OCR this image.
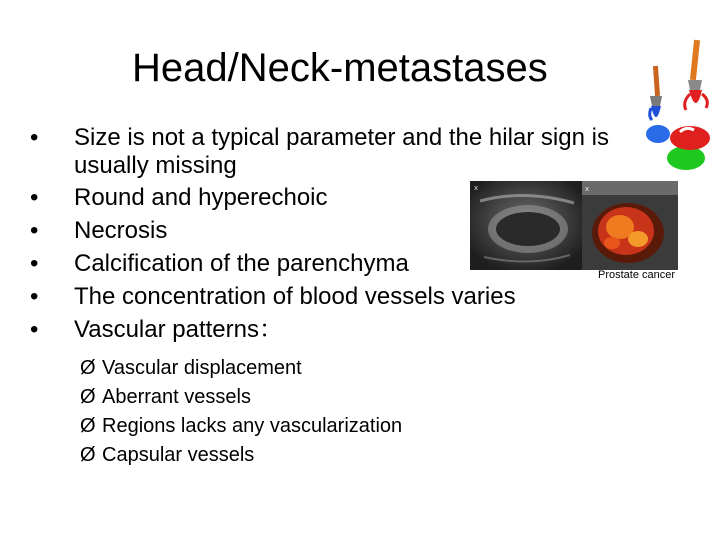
Head/Neck-metastases
x	x
•	Size is not a typical parameter and the hilar sign is usually missing
•	Round and hyperechoic
•	Necrosis
•	Calcification of the parenchyma
•	The concentration of blood vessels varies
•	Vascular patterns：
Ø Vascular displacement
Ø Aberrant vessels
Ø Regions lacks any vascularization
Ø Capsular vessels
Prostate cancer
